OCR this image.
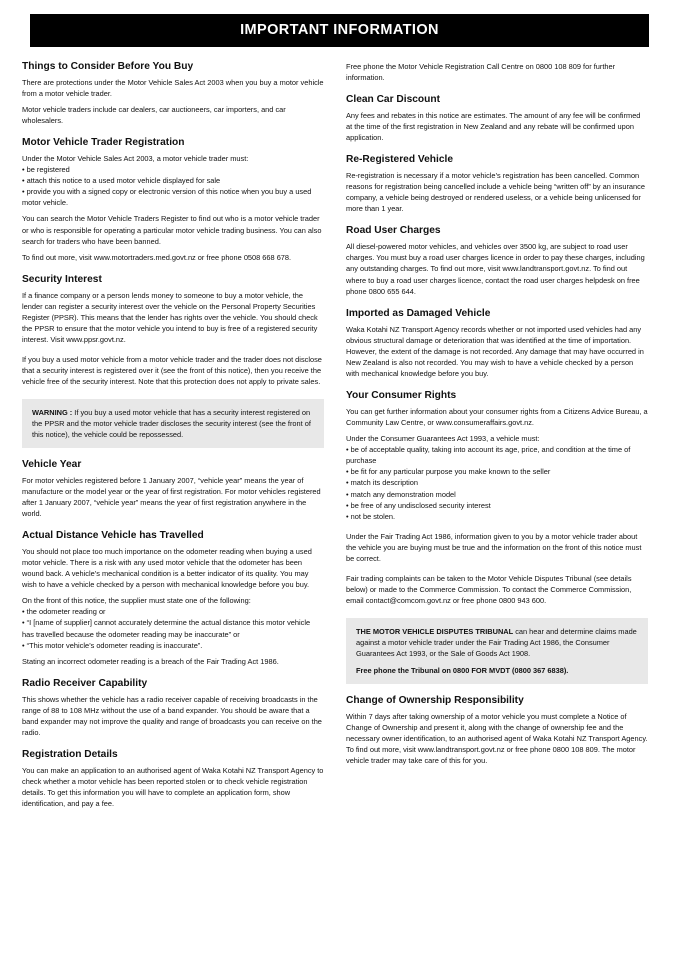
IMPORTANT INFORMATION
Things to Consider Before You Buy

There are protections under the Motor Vehicle Sales Act 2003 when you buy a motor vehicle from a motor vehicle trader.

Motor vehicle traders include car dealers, car auctioneers, car importers, and car wholesalers.

Motor Vehicle Trader Registration

Under the Motor Vehicle Sales Act 2003, a motor vehicle trader must:

• be registered
• attach this notice to a used motor vehicle displayed for sale
• provide you with a signed copy or electronic version of this notice when you buy a used motor vehicle.

You can search the Motor Vehicle Traders Register to find out who is a motor vehicle trader or who is responsible for operating a particular motor vehicle trading business. You can also search for traders who have been banned.

To find out more, visit www.motortraders.med.govt.nz or free phone 0508 668 678.

Security Interest

If a finance company or a person lends money to someone to buy a motor vehicle, the lender can register a security interest over the vehicle on the Personal Property Securities Register (PPSR). This means that the lender has rights over the vehicle. You should check the PPSR to ensure that the motor vehicle you intend to buy is free of a registered security interest. Visit www.ppsr.govt.nz.

If you buy a used motor vehicle from a motor vehicle trader and the trader does not disclose that a security interest is registered over it (see the front of this notice), then you receive the vehicle free of the security interest. Note that this protection does not apply to private sales.

WARNING : If you buy a used motor vehicle that has a security interest registered on the PPSR and the motor vehicle trader discloses the security interest (see the front of this notice), the vehicle could be repossessed.

Vehicle Year

For motor vehicles registered before 1 January 2007, “vehicle year” means the year of manufacture or the model year or the year of first registration. For motor vehicles registered after 1 January 2007, “vehicle year” means the year of first registration anywhere in the world.

Actual Distance Vehicle has Travelled

You should not place too much importance on the odometer reading when buying a used motor vehicle. There is a risk with any used motor vehicle that the odometer has been wound back. A vehicle’s mechanical condition is a better indicator of its quality. You may wish to have a vehicle checked by a person with mechanical knowledge before you buy.

On the front of this notice, the supplier must state one of the following:

• the odometer reading or
• “I [name of supplier] cannot accurately determine the actual distance this motor vehicle has travelled because the odometer reading may be inaccurate” or
• “This motor vehicle’s odometer reading is inaccurate”.

Stating an incorrect odometer reading is a breach of the Fair Trading Act 1986.

Radio Receiver Capability

This shows whether the vehicle has a radio receiver capable of receiving broadcasts in the range of 88 to 108 MHz without the use of a band expander. You should be aware that a band expander may not improve the quality and range of broadcasts you can receive on the radio.

Registration Details

You can make an application to an authorised agent of Waka Kotahi NZ Transport Agency to check whether a motor vehicle has been reported stolen or to check vehicle registration details. To get this information you will have to complete an application form, show identification, and pay a fee.

Free phone the Motor Vehicle Registration Call Centre on 0800 108 809 for further information.

Clean Car Discount

Any fees and rebates in this notice are estimates. The amount of any fee will be confirmed at the time of the first registration in New Zealand and any rebate will be confirmed upon application.

Re-Registered Vehicle

Re-registration is necessary if a motor vehicle’s registration has been cancelled. Common reasons for registration being cancelled include a vehicle being “written off” by an insurance company, a vehicle being destroyed or rendered useless, or a vehicle being unlicensed for more than 1 year.

Road User Charges

All diesel-powered motor vehicles, and vehicles over 3500 kg, are subject to road user charges. You must buy a road user charges licence in order to pay these charges, including any outstanding charges. To find out more, visit www.landtransport.govt.nz. To find out where to buy a road user charges licence, contact the road user charges helpdesk on free phone 0800 655 644.

Imported as Damaged Vehicle

Waka Kotahi NZ Transport Agency records whether or not imported used vehicles had any obvious structural damage or deterioration that was identified at the time of importation. However, the extent of the damage is not recorded. Any damage that may have occurred in New Zealand is also not recorded. You may wish to have a vehicle checked by a person with mechanical knowledge before you buy.

Your Consumer Rights

You can get further information about your consumer rights from a Citizens Advice Bureau, a Community Law Centre, or www.consumeraffairs.govt.nz.

Under the Consumer Guarantees Act 1993, a vehicle must:

• be of acceptable quality, taking into account its age, price, and condition at the time of purchase
• be fit for any particular purpose you make known to the seller
• match its description
• match any demonstration model
• be free of any undisclosed security interest
• not be stolen.

Under the Fair Trading Act 1986, information given to you by a motor vehicle trader about the vehicle you are buying must be true and the information on the front of this notice must be correct.

Fair trading complaints can be taken to the Motor Vehicle Disputes Tribunal (see details below) or made to the Commerce Commission. To contact the Commerce Commission, email contact@comcom.govt.nz or free phone 0800 943 600.

THE MOTOR VEHICLE DISPUTES TRIBUNAL can hear and determine claims made against a motor vehicle trader under the Fair Trading Act 1986, the Consumer Guarantees Act 1993, or the Sale of Goods Act 1908.

Free phone the Tribunal on 0800 FOR MVDT (0800 367 6838).

Change of Ownership Responsibility

Within 7 days after taking ownership of a motor vehicle you must complete a Notice of Change of Ownership and present it, along with the change of ownership fee and the necessary owner identification, to an authorised agent of Waka Kotahi NZ Transport Agency. To find out more, visit www.landtransport.govt.nz or free phone 0800 108 809. The motor vehicle trader may take care of this for you.
